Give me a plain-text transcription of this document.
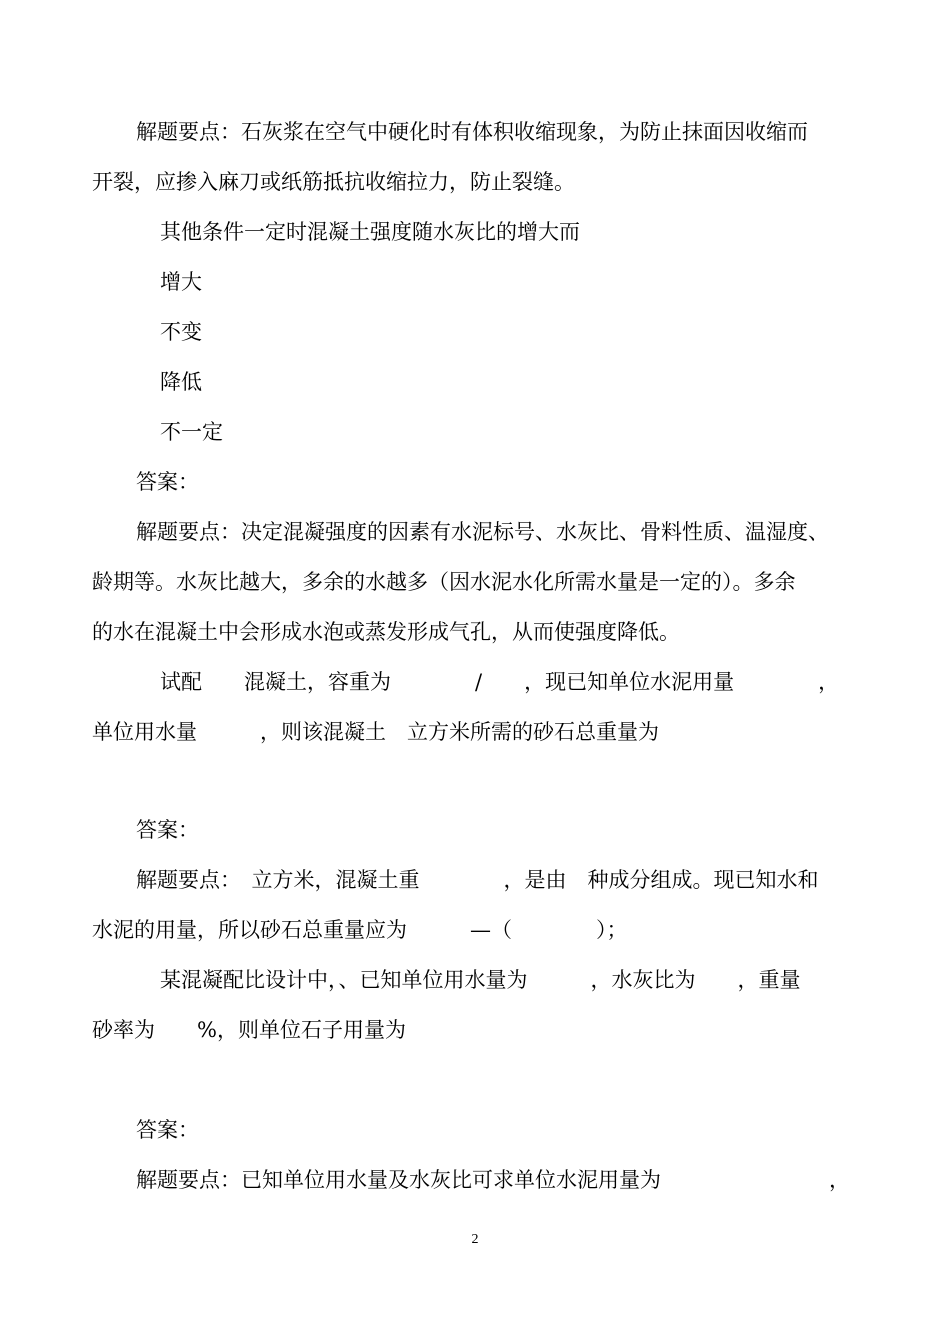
解题要点：石灰浆在空气中硬化时有体积收缩现象，为防止抹面因收缩而
开裂，应掺入麻刀或纸筋抵抗收缩拉力，防止裂缝。
其他条件一定时混凝土强度随水灰比的增大而
增大
不变
降低
不一定
答案：
解题要点：决定混凝强度的因素有水泥标号、水灰比、骨料性质、温湿度、
龄期等。水灰比越大，多余的水越多（因水泥水化所需水量是一定的）。多余
的水在混凝土中会形成水泡或蒸发形成气孔，从而使强度降低。
试配　　混凝土，容重为　　　　/　　，现已知单位水泥用量　　　　，
单位用水量　　　，则该混凝土　立方米所需的砂石总重量为
答案：
解题要点：　立方米，混凝土重　　　　，是由　种成分组成。现已知水和
水泥的用量，所以砂石总重量应为　　　—（　　　　）；
某混凝配比设计中，、已知单位用水量为　　　，水灰比为　　，重量
砂率为　　%，则单位石子用量为
答案：
解题要点：已知单位用水量及水灰比可求单位水泥用量为　　　　　　　　，
2
